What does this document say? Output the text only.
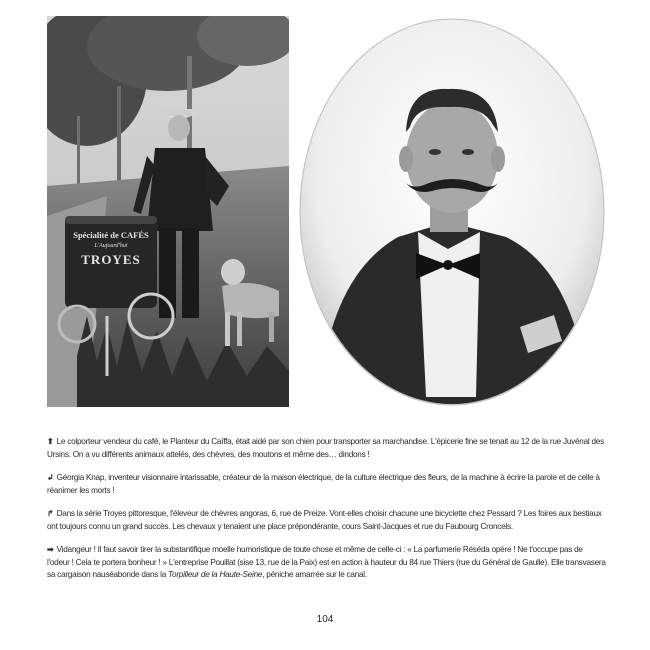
Spécialité de CAFÉS
L'Aujourd'hui
TROYES

⬆ Le colporteur vendeur du café, le Planteur du Caïffa, était aidé par son chien pour transporter sa marchandise. L'épicerie fine se tenait au 12 de la rue Juvénal des Ursins. On a vu différents animaux attelés, des chèvres, des moutons et même des… dindons !

↲ Géorgia Knap, inventeur visionnaire intarissable, créateur de la maison électrique, de la culture électrique des fleurs, de la machine à écrire la parole et de celle à réanimer les morts !

↱ Dans la série Troyes pittoresque, l'éleveur de chèvres angoras, 6, rue de Preize. Vont-elles choisir chacune une bicyclette chez Pessard ? Les foires aux bestiaux ont toujours connu un grand succès. Les chevaux y tenaient une place prépondérante, cours Saint-Jacques et rue du Faubourg Croncels.

➡ Vidangeur ! Il faut savoir tirer la substantifique moelle humoristique de toute chose et même de celle-ci : « La parfumerie Réséda opère ! Ne t'occupe pas de l'odeur ! Cela te portera bonheur ! » L'entreprise Pouillat (sise 13, rue de la Paix) est en action à hauteur du 84 rue Thiers (rue du Général de Gaulle). Elle transvasera sa cargaison nauséabonde dans la Torpilleur de la Haute-Seine, péniche amarrée sur le canal.

104
